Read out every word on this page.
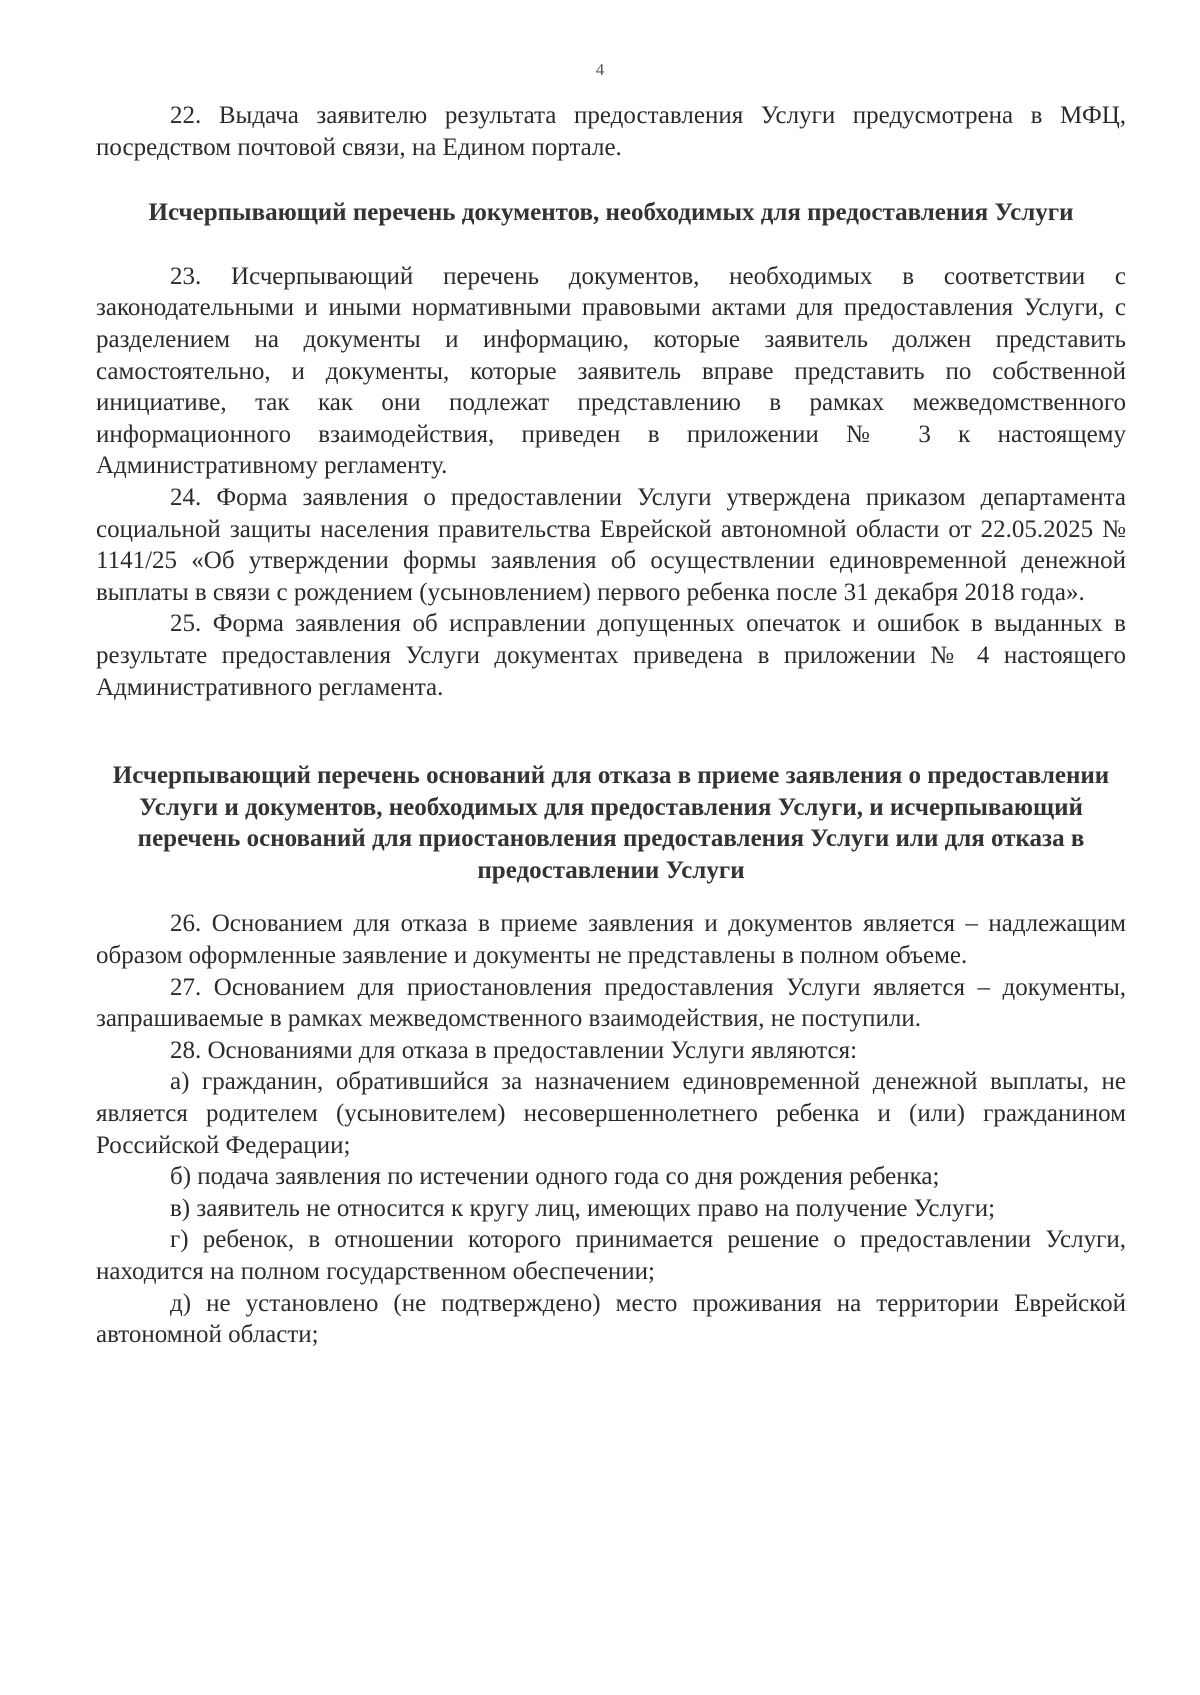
4

22. Выдача заявителю результата предоставления Услуги предусмотрена в МФЦ, посредством почтовой связи, на Едином портале.

Исчерпывающий перечень документов, необходимых для предоставления Услуги

23. Исчерпывающий перечень документов, необходимых в соответствии с законодательными и иными нормативными правовыми актами для предоставления Услуги, с разделением на документы и информацию, которые заявитель должен представить самостоятельно, и документы, которые заявитель вправе представить по собственной инициативе, так как они подлежат представлению в рамках межведомственного информационного взаимодействия, приведен в приложении № 3 к настоящему Административному регламенту.

24. Форма заявления о предоставлении Услуги утверждена приказом департамента социальной защиты населения правительства Еврейской автономной области от 22.05.2025 № 1141/25 «Об утверждении формы заявления об осуществлении единовременной денежной выплаты в связи с рождением (усыновлением) первого ребенка после 31 декабря 2018 года».

25. Форма заявления об исправлении допущенных опечаток и ошибок в выданных в результате предоставления Услуги документах приведена в приложении № 4 настоящего Административного регламента.

Исчерпывающий перечень оснований для отказа в приеме заявления о предоставлении Услуги и документов, необходимых для предоставления Услуги, и исчерпывающий перечень оснований для приостановления предоставления Услуги или для отказа в предоставлении Услуги

26. Основанием для отказа в приеме заявления и документов является – надлежащим образом оформленные заявление и документы не представлены в полном объеме.

27. Основанием для приостановления предоставления Услуги является – документы, запрашиваемые в рамках межведомственного взаимодействия, не поступили.

28. Основаниями для отказа в предоставлении Услуги являются:

а) гражданин, обратившийся за назначением единовременной денежной выплаты, не является родителем (усыновителем) несовершеннолетнего ребенка и (или) гражданином Российской Федерации;

б) подача заявления по истечении одного года со дня рождения ребенка;

в) заявитель не относится к кругу лиц, имеющих право на получение Услуги;

г) ребенок, в отношении которого принимается решение о предоставлении Услуги, находится на полном государственном обеспечении;

д) не установлено (не подтверждено) место проживания на территории Еврейской автономной области;
